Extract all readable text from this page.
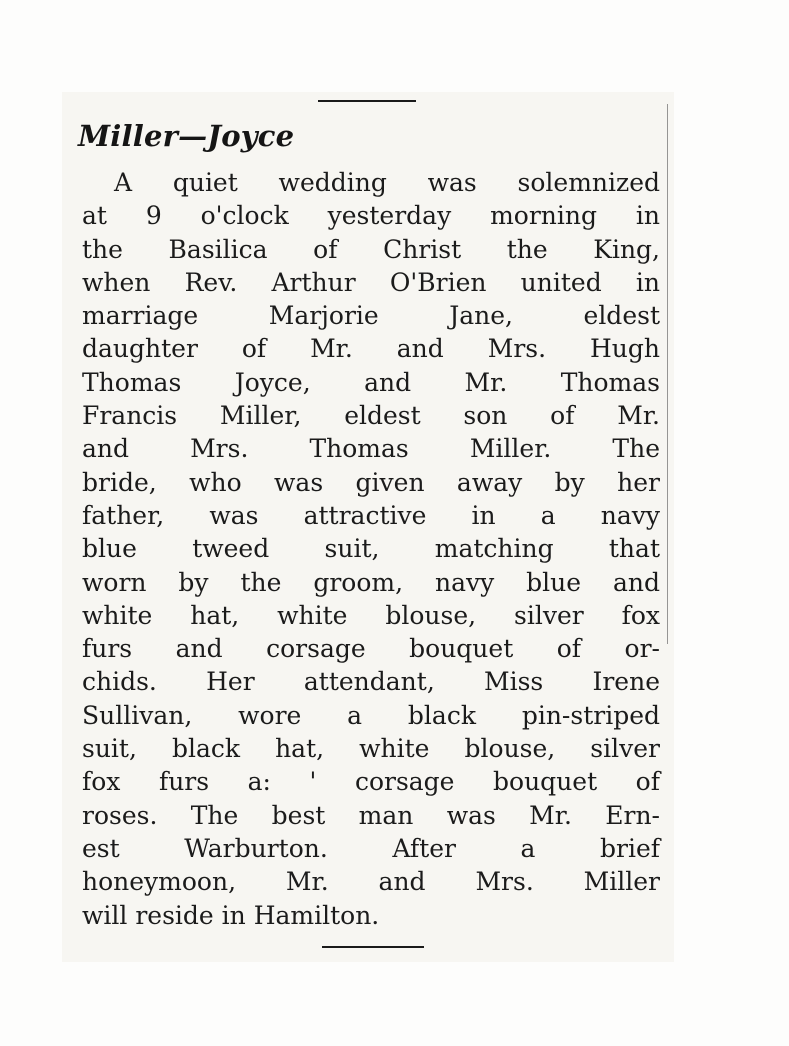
Miller—Joyce
A quiet wedding was solemnized
at 9 o'clock yesterday morning in
the Basilica of Christ the King,
when Rev. Arthur O'Brien united in
marriage Marjorie Jane, eldest
daughter of Mr. and Mrs. Hugh
Thomas Joyce, and Mr. Thomas
Francis Miller, eldest son of Mr.
and Mrs. Thomas Miller. The
bride, who was given away by her
father, was attractive in a navy
blue tweed suit, matching that
worn by the groom, navy blue and
white hat, white blouse, silver fox
furs and corsage bouquet of or-
chids. Her attendant, Miss Irene
Sullivan, wore a black pin-striped
suit, black hat, white blouse, silver
fox furs a: ' corsage bouquet of
roses. The best man was Mr. Ern-
est Warburton. After a brief
honeymoon, Mr. and Mrs. Miller
will reside in Hamilton.
